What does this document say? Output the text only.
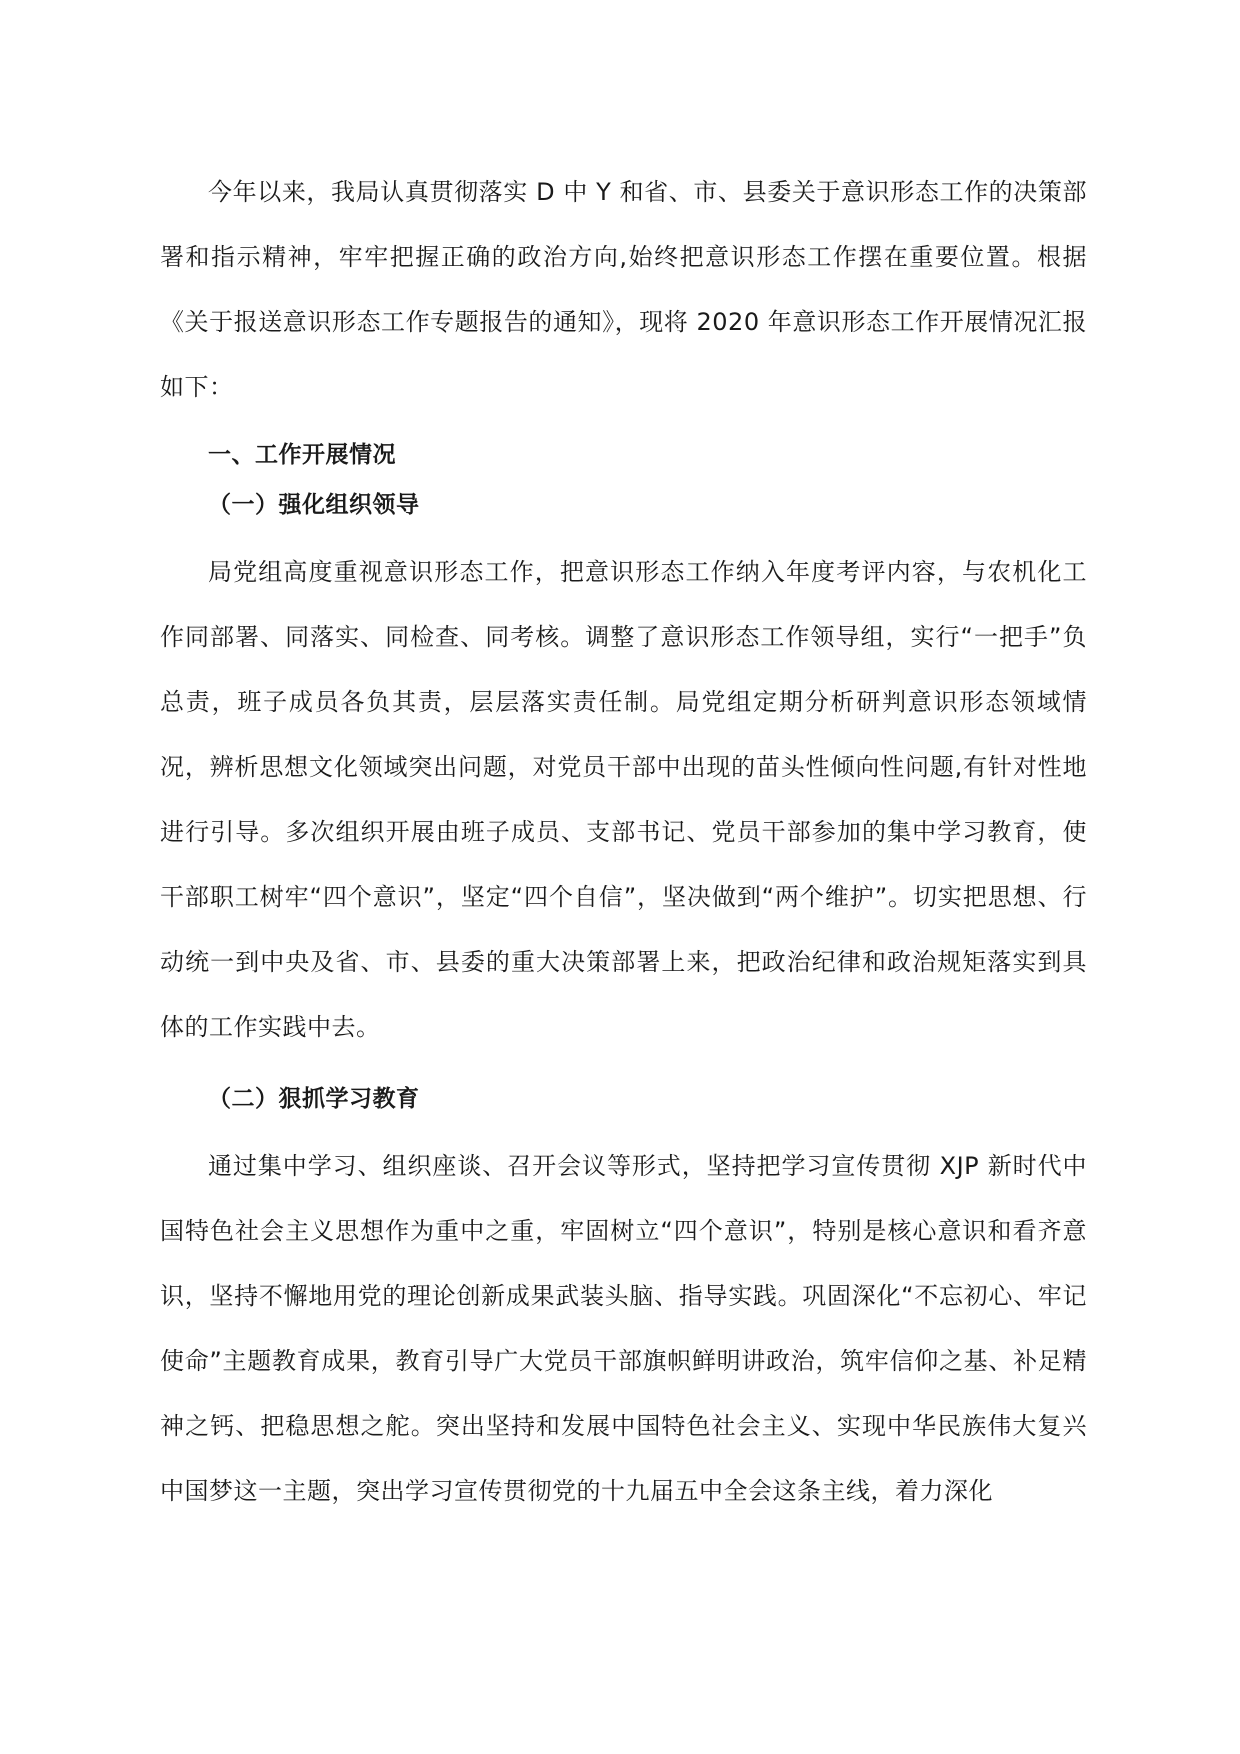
今年以来，我局认真贯彻落实 D 中 Y 和省、市、县委关于意识形态工作的决策部署和指示精神，牢牢把握正确的政治方向,始终把意识形态工作摆在重要位置。根据《关于报送意识形态工作专题报告的通知》，现将 2020 年意识形态工作开展情况汇报如下：

一、工作开展情况

（一）强化组织领导

局党组高度重视意识形态工作，把意识形态工作纳入年度考评内容，与农机化工作同部署、同落实、同检查、同考核。调整了意识形态工作领导组，实行“一把手”负总责，班子成员各负其责，层层落实责任制。局党组定期分析研判意识形态领域情况，辨析思想文化领域突出问题，对党员干部中出现的苗头性倾向性问题,有针对性地进行引导。多次组织开展由班子成员、支部书记、党员干部参加的集中学习教育，使干部职工树牢“四个意识”，坚定“四个自信”，坚决做到“两个维护”。切实把思想、行动统一到中央及省、市、县委的重大决策部署上来，把政治纪律和政治规矩落实到具体的工作实践中去。

（二）狠抓学习教育

通过集中学习、组织座谈、召开会议等形式，坚持把学习宣传贯彻 XJP 新时代中国特色社会主义思想作为重中之重，牢固树立“四个意识”，特别是核心意识和看齐意识，坚持不懈地用党的理论创新成果武装头脑、指导实践。巩固深化“不忘初心、牢记使命”主题教育成果，教育引导广大党员干部旗帜鲜明讲政治，筑牢信仰之基、补足精神之钙、把稳思想之舵。突出坚持和发展中国特色社会主义、实现中华民族伟大复兴中国梦这一主题，突出学习宣传贯彻党的十九届五中全会这条主线，着力深化
